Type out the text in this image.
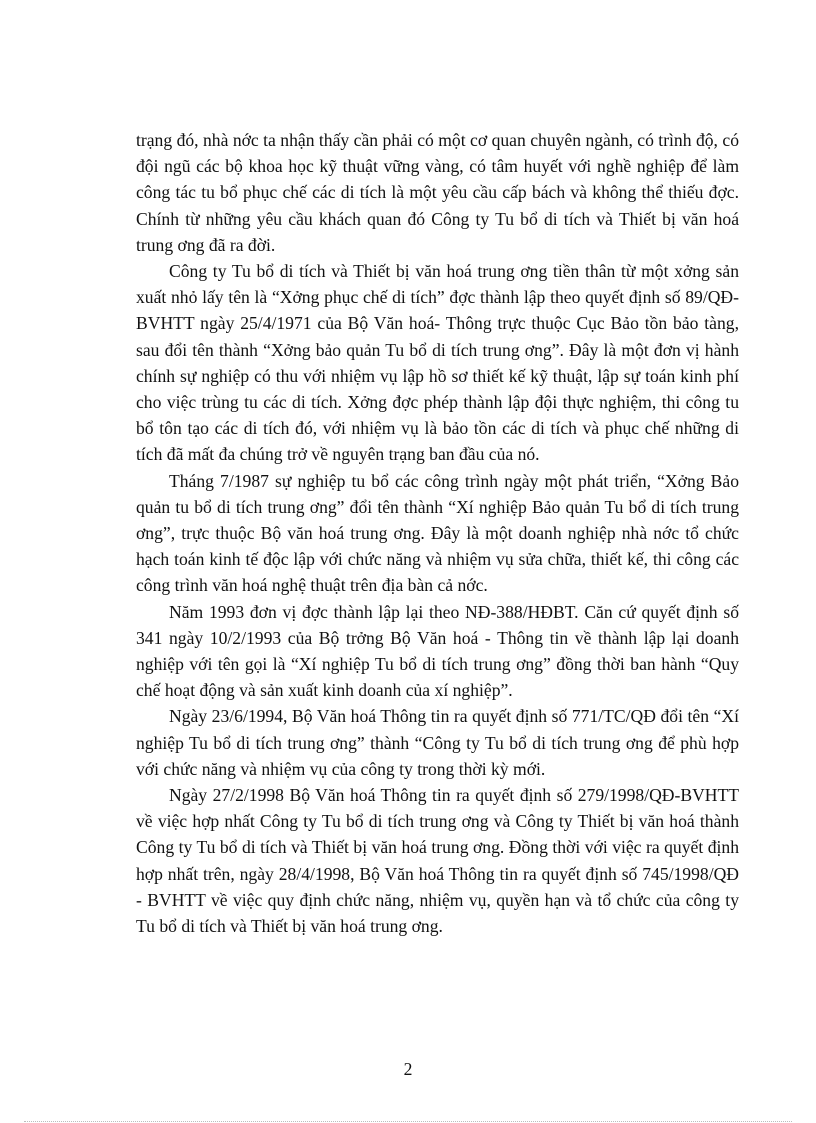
trạng đó, nhà nớc ta nhận thấy cần phải có một cơ quan chuyên ngành, có trình độ, có đội ngũ các bộ khoa học kỹ thuật vững vàng, có tâm huyết với nghề nghiệp để làm công tác tu bổ phục chế các di tích là một yêu cầu cấp bách và không thể thiếu đợc. Chính từ những yêu cầu khách quan đó Công ty Tu bổ di tích và Thiết bị văn hoá trung ơng đã ra đời.

Công ty Tu bổ di tích và Thiết bị văn hoá trung ơng tiền thân từ một xởng sản xuất nhỏ lấy tên là “Xởng phục chế di tích” đợc thành lập theo quyết định số 89/QĐ-BVHTT ngày 25/4/1971 của Bộ Văn hoá- Thông trực thuộc Cục Bảo tồn bảo tàng, sau đổi tên thành “Xởng bảo quản Tu bổ di tích trung ơng”. Đây là một đơn vị hành chính sự nghiệp có thu với nhiệm vụ lập hồ sơ thiết kế kỹ thuật, lập sự toán kinh phí cho việc trùng tu các di tích. Xởng đợc phép thành lập đội thực nghiệm, thi công tu bổ tôn tạo các di tích đó, với nhiệm vụ là bảo tồn các di tích và phục chế những di tích đã mất đa chúng trở về nguyên trạng ban đầu của nó.

Tháng 7/1987 sự nghiệp tu bổ các công trình ngày một phát triển, “Xởng Bảo quản tu bổ di tích trung ơng” đổi tên thành “Xí nghiệp Bảo quản Tu bổ di tích trung ơng”, trực thuộc Bộ văn hoá trung ơng. Đây là một doanh nghiệp nhà nớc tổ chức hạch toán kinh tế độc lập với chức năng và nhiệm vụ sửa chữa, thiết kế, thi công các công trình văn hoá nghệ thuật trên địa bàn cả nớc.

Năm 1993 đơn vị đợc thành lập lại theo NĐ-388/HĐBT. Căn cứ quyết định số 341 ngày 10/2/1993 của Bộ trởng Bộ Văn hoá - Thông tin về thành lập lại doanh nghiệp với tên gọi là “Xí nghiệp Tu bổ di tích trung ơng” đồng thời ban hành “Quy chế hoạt động và sản xuất kinh doanh của xí nghiệp”.

Ngày 23/6/1994, Bộ Văn hoá Thông tin ra quyết định số 771/TC/QĐ đổi tên “Xí nghiệp Tu bổ di tích trung ơng” thành “Công ty Tu bổ di tích trung ơng để phù hợp với chức năng và nhiệm vụ của công ty trong thời kỳ mới.

Ngày 27/2/1998 Bộ Văn hoá Thông tin ra quyết định số 279/1998/QĐ-BVHTT về việc hợp nhất Công ty Tu bổ di tích trung ơng và Công ty Thiết bị văn hoá thành Công ty Tu bổ di tích và Thiết bị văn hoá trung ơng. Đồng thời với việc ra quyết định hợp nhất trên, ngày 28/4/1998, Bộ Văn hoá Thông tin ra quyết định số 745/1998/QĐ - BVHTT về việc quy định chức năng, nhiệm vụ, quyền hạn và tổ chức của công ty Tu bổ di tích và Thiết bị văn hoá trung ơng.

2
